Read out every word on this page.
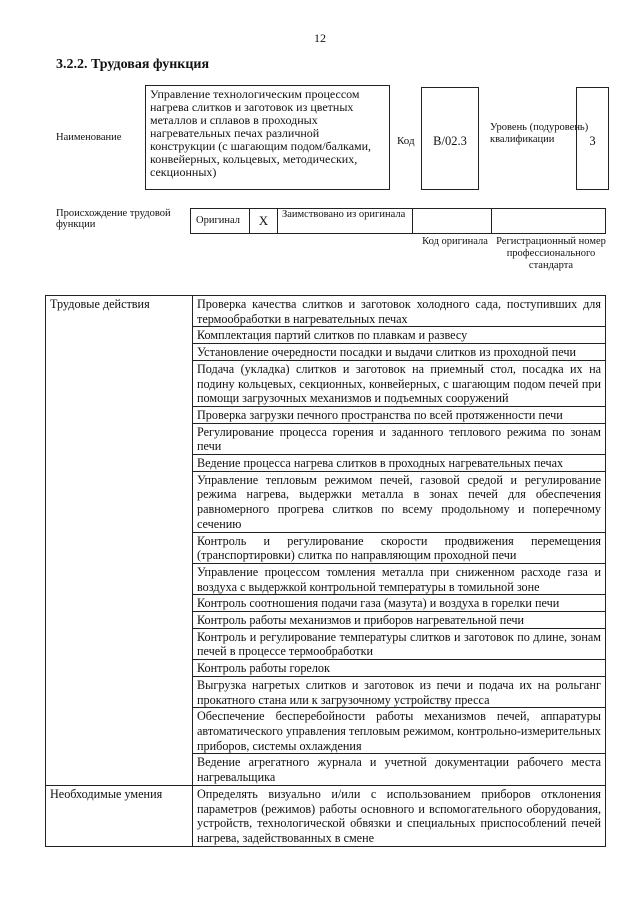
12
3.2.2. Трудовая функция
Наименование
Управление технологическим процессом нагрева слитков и заготовок из цветных металлов и сплавов в проходных нагревательных печах различной конструкции (с шагающим подом/балками, конвейерных, кольцевых, методических, секционных)
Код	B/02.3
Уровень (подуровень) квалификации	3
Происхождение трудовой функции	Оригинал	X	Заимствовано из оригинала
Код оригинала Регистрационный номер профессионального стандарта
Трудовые действия	Проверка качества слитков и заготовок холодного сада, поступивших для термообработки в нагревательных печах
	Комплектация партий слитков по плавкам и развесу
	Установление очередности посадки и выдачи слитков из проходной печи
	Подача (укладка) слитков и заготовок на приемный стол, посадка их на подину кольцевых, секционных, конвейерных, с шагающим подом печей при помощи загрузочных механизмов и подъемных сооружений
	Проверка загрузки печного пространства по всей протяженности печи
	Регулирование процесса горения и заданного теплового режима по зонам печи
	Ведение процесса нагрева слитков в проходных нагревательных печах
	Управление тепловым режимом печей, газовой средой и регулирование режима нагрева, выдержки металла в зонах печей для обеспечения равномерного прогрева слитков по всему продольному и поперечному сечению
	Контроль и регулирование скорости продвижения перемещения (транспортировки) слитка по направляющим проходной печи
	Управление процессом томления металла при сниженном расходе газа и воздуха с выдержкой контрольной температуры в томильной зоне
	Контроль соотношения подачи газа (мазута) и воздуха в горелки печи
	Контроль работы механизмов и приборов нагревательной печи
	Контроль и регулирование температуры слитков и заготовок по длине, зонам печей в процессе термообработки
	Контроль работы горелок
	Выгрузка нагретых слитков и заготовок из печи и подача их на рольганг прокатного стана или к загрузочному устройству пресса
	Обеспечение бесперебойности работы механизмов печей, аппаратуры автоматического управления тепловым режимом, контрольно-измерительных приборов, системы охлаждения
	Ведение агрегатного журнала и учетной документации рабочего места нагревальщика
Необходимые умения	Определять визуально и/или с использованием приборов отклонения параметров (режимов) работы основного и вспомогательного оборудования, устройств, технологической обвязки и специальных приспособлений печей нагрева, задействованных в смене
